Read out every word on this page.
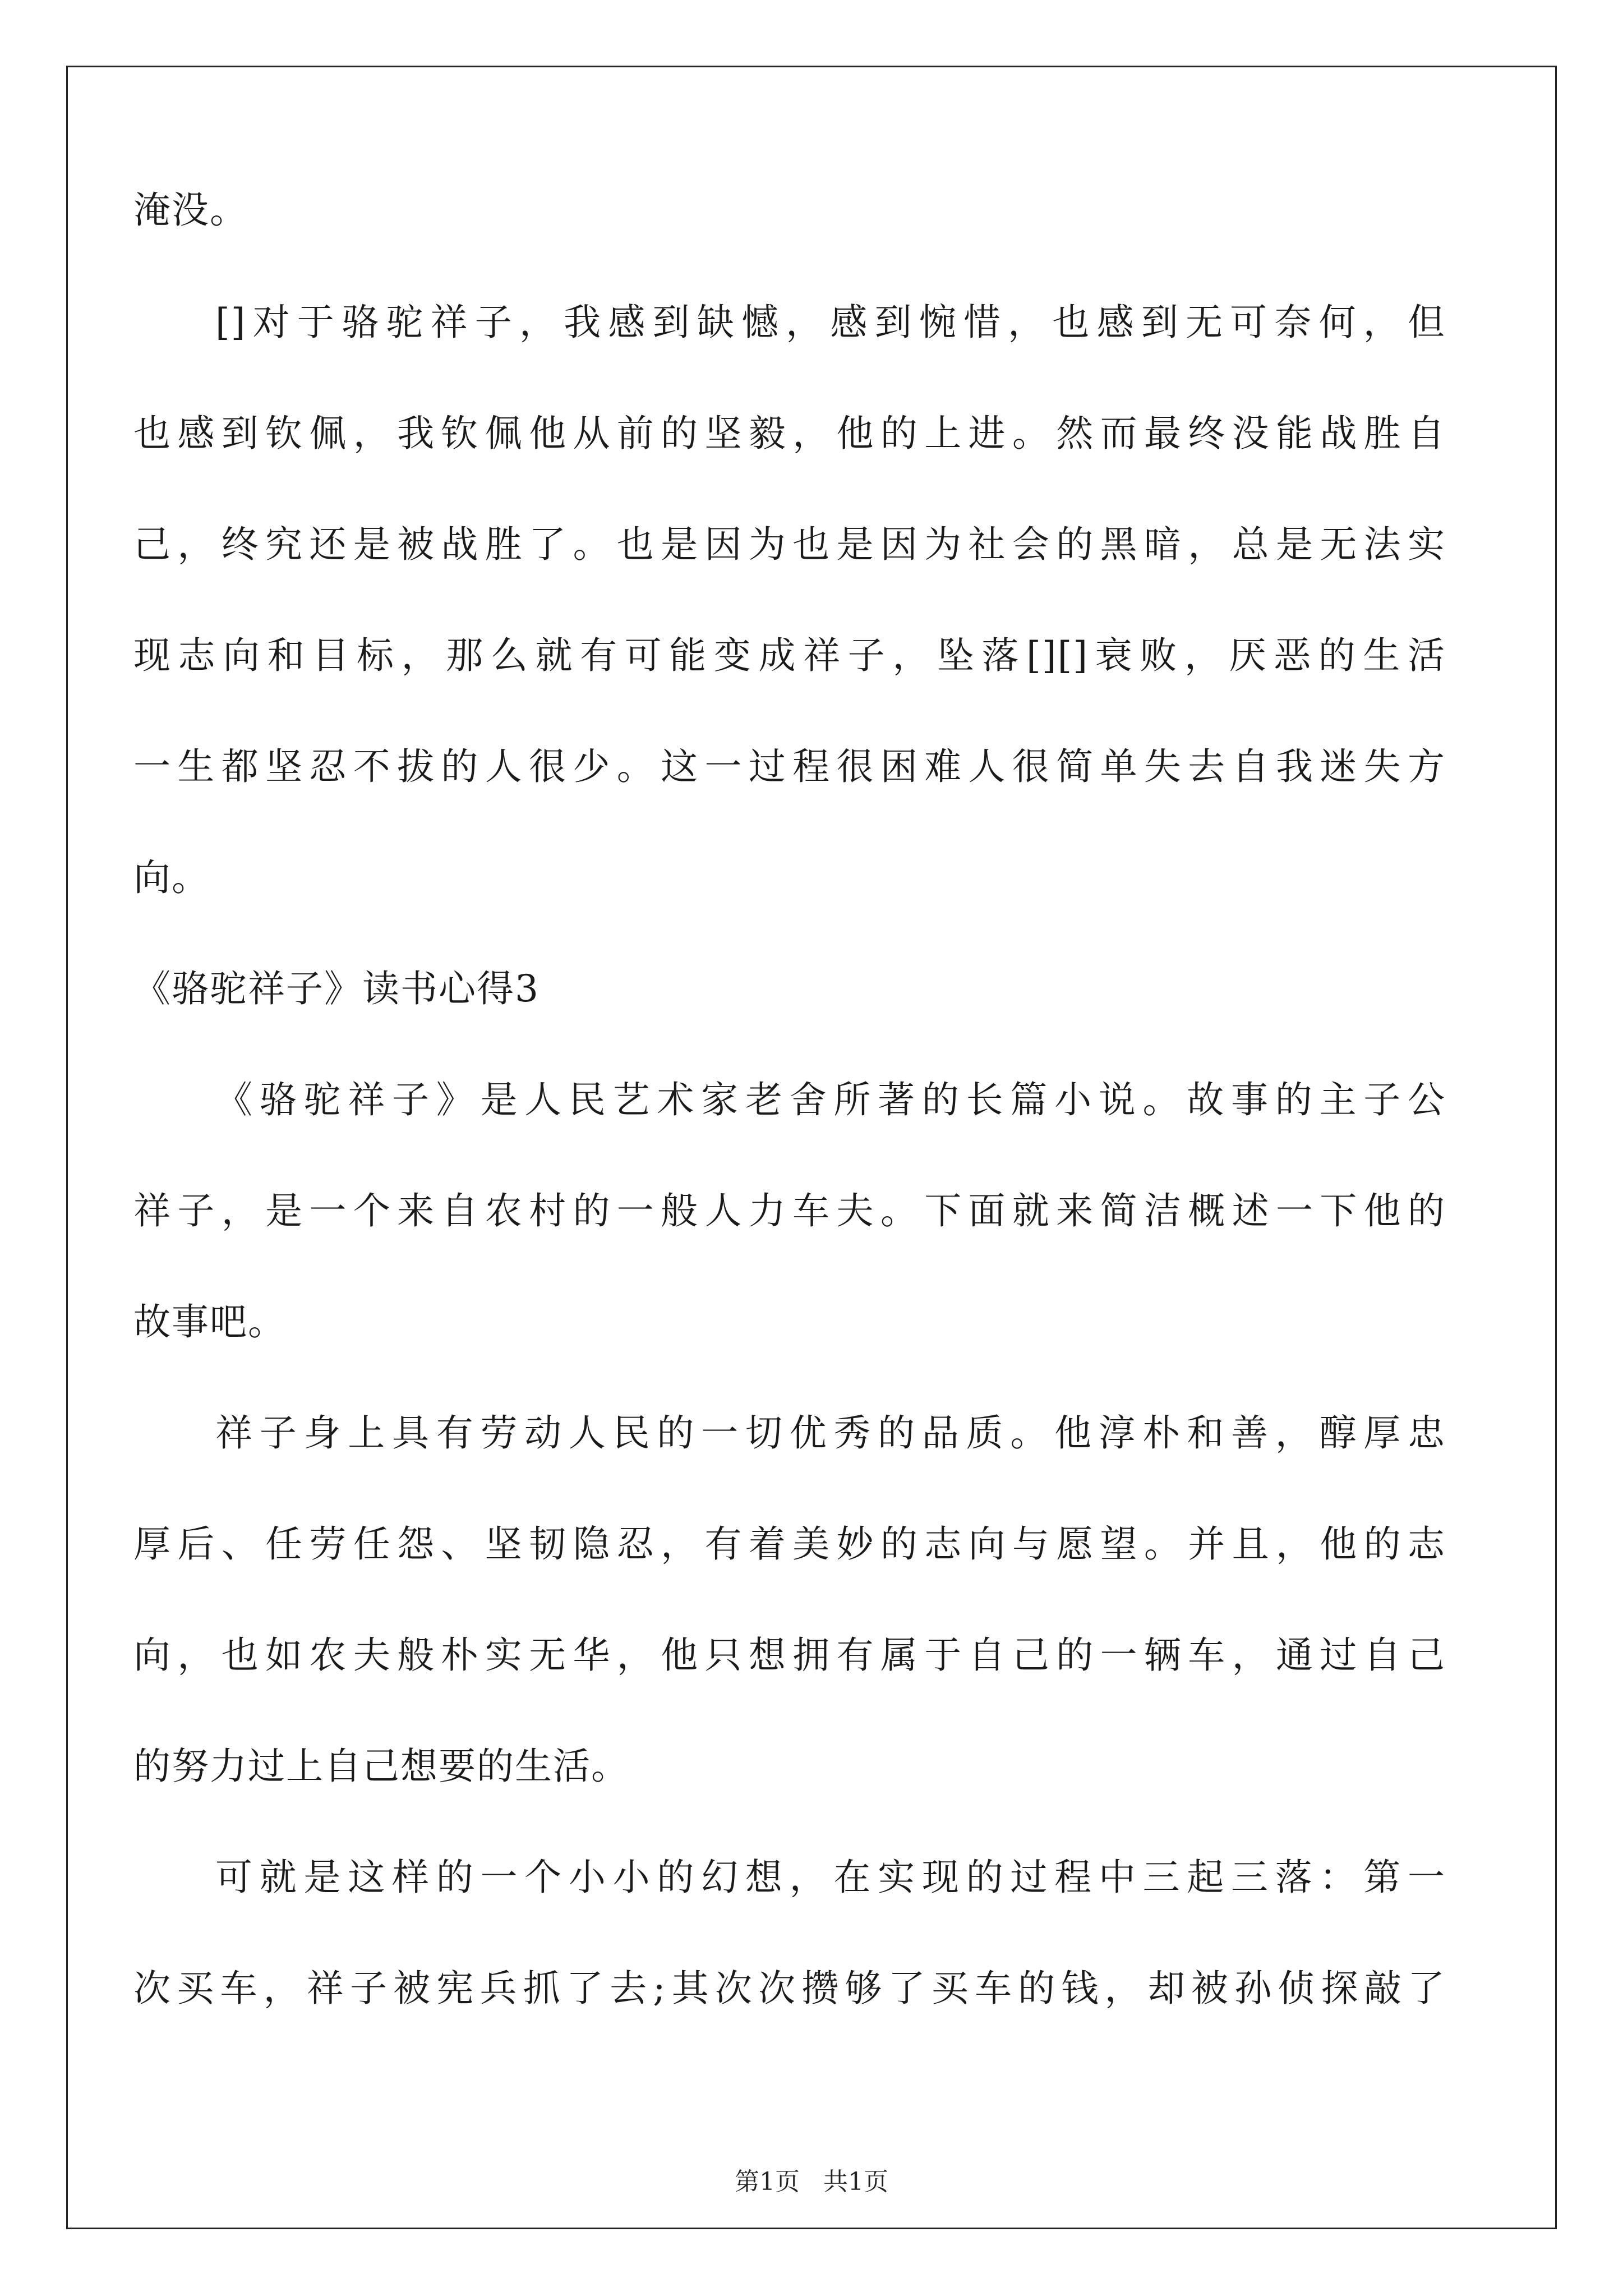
淹没。
[]对于骆驼祥子，我感到缺憾，感到惋惜，也感到无可奈何，但
也感到钦佩，我钦佩他从前的坚毅，他的上进。然而最终没能战胜自
己，终究还是被战胜了。也是因为也是因为社会的黑暗，总是无法实
现志向和目标，那么就有可能变成祥子，坠落[][]衰败，厌恶的生活
一生都坚忍不拔的人很少。这一过程很困难人很简单失去自我迷失方
向。
《骆驼祥子》读书心得3
《骆驼祥子》是人民艺术家老舍所著的长篇小说。故事的主子公
祥子，是一个来自农村的一般人力车夫。下面就来简洁概述一下他的
故事吧。
祥子身上具有劳动人民的一切优秀的品质。他淳朴和善，醇厚忠
厚后、任劳任怨、坚韧隐忍，有着美妙的志向与愿望。并且，他的志
向，也如农夫般朴实无华，他只想拥有属于自己的一辆车，通过自己
的努力过上自己想要的生活。
可就是这样的一个小小的幻想，在实现的过程中三起三落：第一
次买车，祥子被宪兵抓了去;其次次攒够了买车的钱，却被孙侦探敲了
第1页   共1页
